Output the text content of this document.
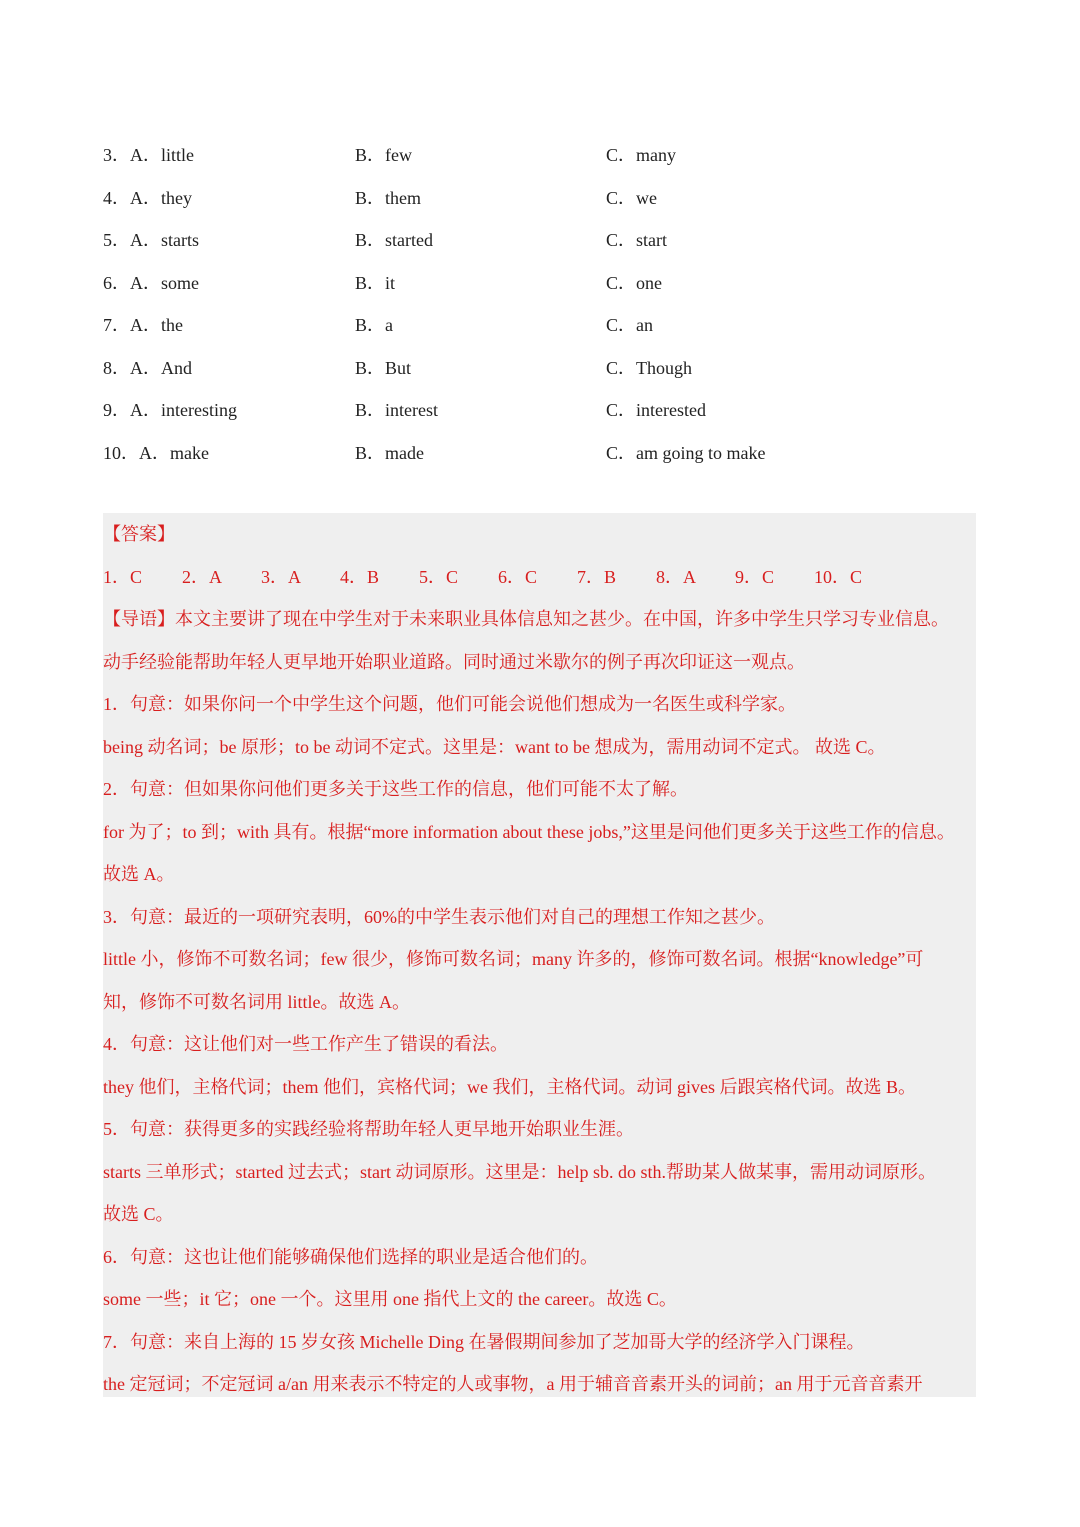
3．A．little	B．few	C．many
4．A．they	B．them	C．we
5．A．starts	B．started	C．start
6．A．some	B．it	C．one
7．A．the	B．a	C．an
8．A．And	B．But	C．Though
9．A．interesting	B．interest	C．interested
10．A．make	B．made	C．am going to make
【答案】
1．C	2．A	3．A	4．B	5．C	6．C	7．B	8．A	9．C	10．C
【导语】本文主要讲了现在中学生对于未来职业具体信息知之甚少。在中国，许多中学生只学习专业信息。
动手经验能帮助年轻人更早地开始职业道路。同时通过米歇尔的例子再次印证这一观点。
1．句意：如果你问一个中学生这个问题，他们可能会说他们想成为一名医生或科学家。
being 动名词；be 原形；to be 动词不定式。这里是：want to be 想成为，需用动词不定式。 故选 C。
2．句意：但如果你问他们更多关于这些工作的信息，他们可能不太了解。
for 为了；to 到；with 具有。根据“more information about these jobs,”这里是问他们更多关于这些工作的信息。
故选 A。
3．句意：最近的一项研究表明，60%的中学生表示他们对自己的理想工作知之甚少。
little 小，修饰不可数名词；few 很少，修饰可数名词；many 许多的，修饰可数名词。根据“knowledge”可
知，修饰不可数名词用 little。故选 A。
4．句意：这让他们对一些工作产生了错误的看法。
they 他们，主格代词；them 他们，宾格代词；we 我们，主格代词。动词 gives 后跟宾格代词。故选 B。
5．句意：获得更多的实践经验将帮助年轻人更早地开始职业生涯。
starts 三单形式；started 过去式；start 动词原形。这里是：help sb. do sth.帮助某人做某事，需用动词原形。
故选 C。
6．句意：这也让他们能够确保他们选择的职业是适合他们的。
some 一些；it 它；one 一个。这里用 one 指代上文的 the career。故选 C。
7．句意：来自上海的 15 岁女孩 Michelle Ding 在暑假期间参加了芝加哥大学的经济学入门课程。
the 定冠词；不定冠词 a/an 用来表示不特定的人或事物，a 用于辅音音素开头的词前；an 用于元音音素开
